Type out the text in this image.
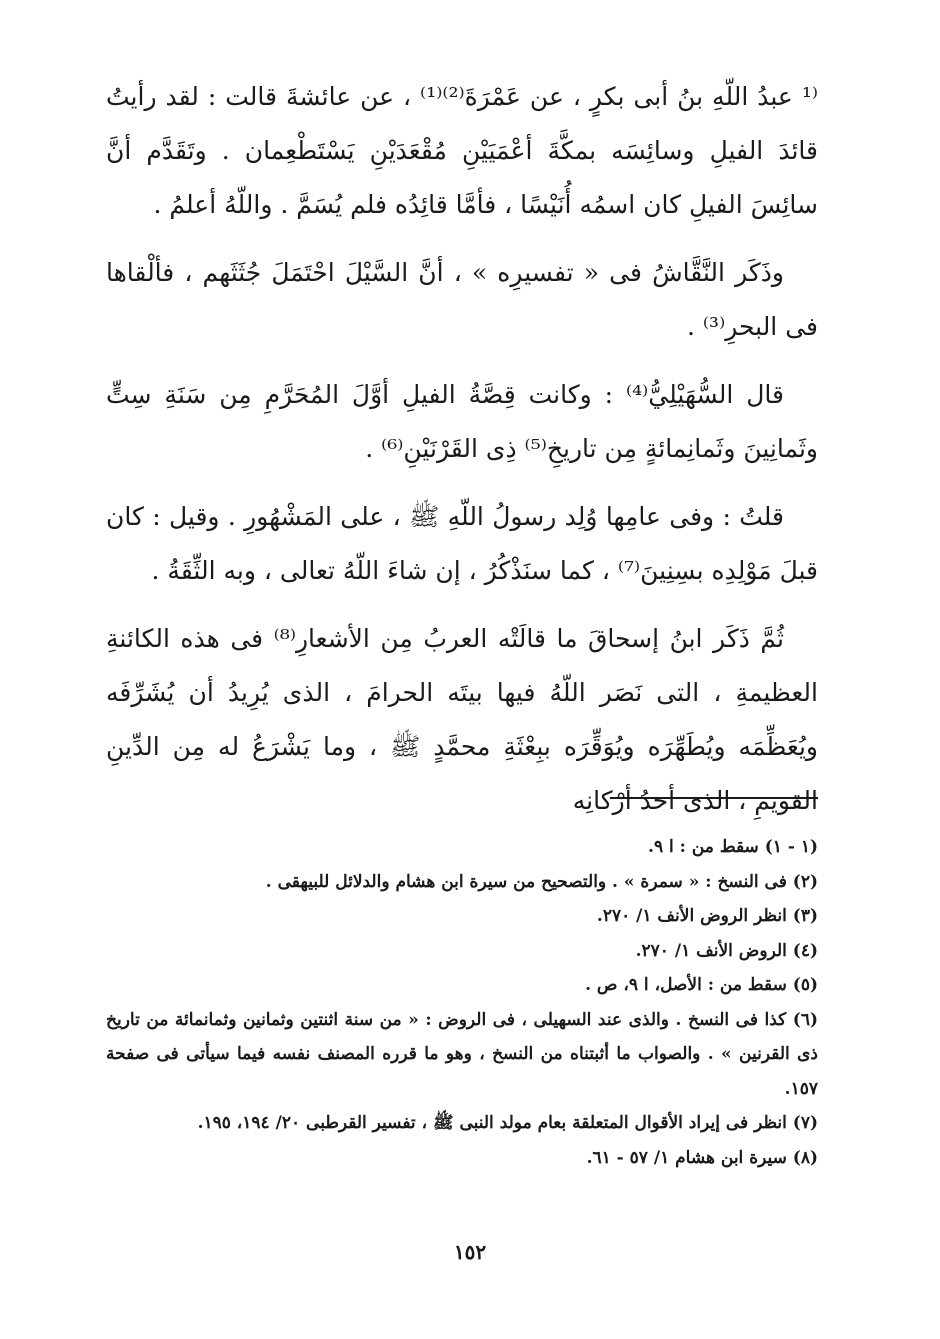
⁽¹ عبدُ اللّهِ بنُ أبى بكرٍ ، عن عَمْرَةَ⁽²⁾⁽¹⁾ ، عن عائشةَ قالت : لقد رأيتُ قائدَ الفيلِ وسائِسَه بمكَّةَ أعْمَيَيْنِ مُقْعَدَيْنِ يَسْتَطْعِمان . وتَقَدَّم أنَّ سائِسَ الفيلِ كان اسمُه أُنَيْسًا ، فأمَّا قائِدُه فلم يُسَمَّ . واللّهُ أعلمُ .

وذَكَر النَّقَّاشُ فى « تفسيرِه » ، أنَّ السَّيْلَ احْتَمَلَ جُثَثَهم ، فألْقاها فى البحرِ⁽³⁾ .

قال السُّهَيْلِيُّ⁽⁴⁾ : وكانت قِصَّةُ الفيلِ أوَّلَ المُحَرَّمِ مِن سَنَةِ سِتٍّ وثَمانِينَ وثَمانِمائةٍ مِن تاريخِ⁽⁵⁾ ذِى القَرْنَيْنِ⁽⁶⁾ .

قلتُ : وفى عامِها وُلِد رسولُ اللّهِ ﷺ ، على المَشْهُورِ . وقيل : كان قبلَ مَوْلِدِه بسِنِينَ⁽⁷⁾ ، كما سنَذْكُرُ ، إن شاءَ اللّهُ تعالى ، وبه الثِّقَةُ .

ثُمَّ ذَكَر ابنُ إسحاقَ ما قالَتْه العربُ مِن الأشعارِ⁽⁸⁾ فى هذه الكائنةِ العظيمةِ ، التى نَصَر اللّهُ فيها بيتَه الحرامَ ، الذى يُرِيدُ أن يُشَرِّفَه ويُعَظِّمَه ويُطَهِّرَه ويُوَقِّرَه ببِعْثَةِ محمَّدٍ ﷺ ، وما يَشْرَعُ له مِن الدِّينِ القويمِ ، الذى أحدُ أرْكانِه

(١ - ١) سقط من : ا ٩.

(٢) فى النسخ : « سمرة » . والتصحيح من سيرة ابن هشام والدلائل للبيهقى .

(٣) انظر الروض الأنف ١/ ٢٧٠.

(٤) الروض الأنف ١/ ٢٧٠.

(٥) سقط من : الأصل، ا ٩، ص .

(٦) كذا فى النسخ . والذى عند السهيلى ، فى الروض : « من سنة اثنتين وثمانين وثمانمائة من تاريخ ذى القرنين » . والصواب ما أثبتناه من النسخ ، وهو ما قرره المصنف نفسه فيما سيأتى فى صفحة ١٥٧.

(٧) انظر فى إيراد الأقوال المتعلقة بعام مولد النبى ﷺ ، تفسير القرطبى ٢٠/ ١٩٤، ١٩٥.

(٨) سيرة ابن هشام ١/ ٥٧ - ٦١.

١٥٢
